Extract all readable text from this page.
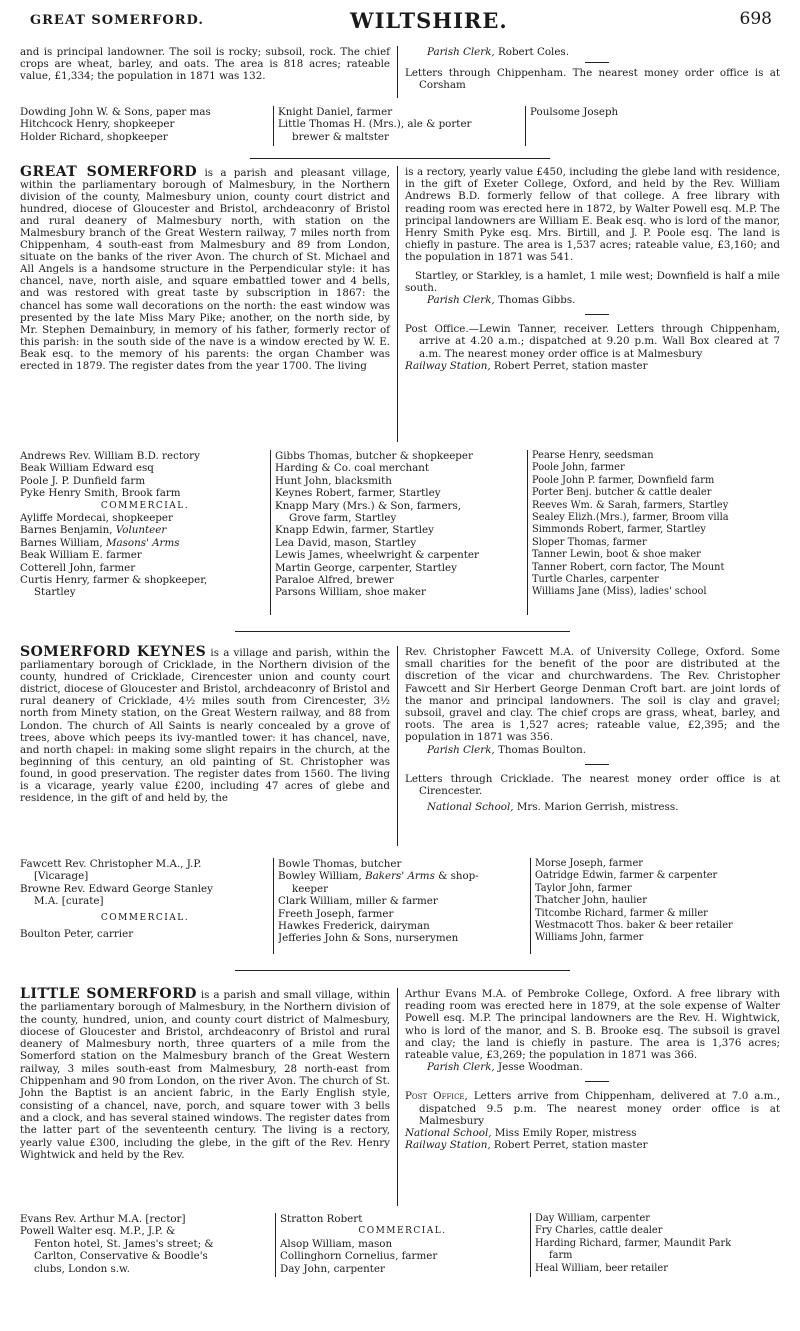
GREAT SOMERFORD.	WILTSHIRE.	698

and is principal landowner. The soil is rocky; subsoil, rock. The chief crops are wheat, barley, and oats. The area is 818 acres; rateable value, £1,334; the population in 1871 was 132.

Parish Clerk, Robert Coles.

Letters through Chippenham. The nearest money order office is at Corsham

Dowding John W. & Sons, paper mas
Hitchcock Henry, shopkeeper
Holder Richard, shopkeeper
Knight Daniel, farmer
Little Thomas H. (Mrs.), ale & porter
brewer & maltster
Poulsome Joseph

GREAT SOMERFORD is a parish and pleasant village, within the parliamentary borough of Malmesbury, in the Northern division of the county, Malmesbury union, county court district and hundred, diocese of Gloucester and Bristol, archdeaconry of Bristol and rural deanery of Malmesbury north, with station on the Malmesbury branch of the Great Western railway, 7 miles north from Chippenham, 4 south-east from Malmesbury and 89 from London, situate on the banks of the river Avon. The church of St. Michael and All Angels is a handsome structure in the Perpendicular style: it has chancel, nave, north aisle, and square embattled tower and 4 bells, and was restored with great taste by subscription in 1867: the chancel has some wall decorations on the north: the east window was presented by the late Miss Mary Pike; another, on the north side, by Mr. Stephen Demainbury, in memory of his father, formerly rector of this parish: in the south side of the nave is a window erected by W. E. Beak esq. to the memory of his parents: the organ Chamber was erected in 1879. The register dates from the year 1700. The living

is a rectory, yearly value £450, including the glebe land with residence, in the gift of Exeter College, Oxford, and held by the Rev. William Andrews B.D. formerly fellow of that college. A free library with reading room was erected here in 1872, by Walter Powell esq. M.P. The principal landowners are William E. Beak esq. who is lord of the manor, Henry Smith Pyke esq. Mrs. Birtill, and J. P. Poole esq. The land is chiefly in pasture. The area is 1,537 acres; rateable value, £3,160; and the population in 1871 was 541.

Startley, or Starkley, is a hamlet, 1 mile west; Downfield is half a mile south.

Parish Clerk, Thomas Gibbs.

Post Office.—Lewin Tanner, receiver. Letters through Chippenham, arrive at 4.20 a.m.; dispatched at 9.20 p.m. Wall Box cleared at 7 a.m. The nearest money order office is at Malmesbury

Railway Station, Robert Perret, station master

Andrews Rev. William B.D. rectory
Beak William Edward esq
Poole J. P. Dunfield farm
Pyke Henry Smith, Brook farm
COMMERCIAL.
Ayliffe Mordecai, shopkeeper
Barnes Benjamin, Volunteer
Barnes William, Masons' Arms
Beak William E. farmer
Cotterell John, farmer
Curtis Henry, farmer & shopkeeper,
Startley
Gibbs Thomas, butcher & shopkeeper
Harding & Co. coal merchant
Hunt John, blacksmith
Keynes Robert, farmer, Startley
Knapp Mary (Mrs.) & Son, farmers,
Grove farm, Startley
Knapp Edwin, farmer, Startley
Lea David, mason, Startley
Lewis James, wheelwright & carpenter
Martin George, carpenter, Startley
Paraloe Alfred, brewer
Parsons William, shoe maker
Pearse Henry, seedsman
Poole John, farmer
Poole John P. farmer, Downfield farm
Porter Benj. butcher & cattle dealer
Reeves Wm. & Sarah, farmers, Startley
Sealey Elizh.(Mrs.), farmer, Broom villa
Simmonds Robert, farmer, Startley
Sloper Thomas, farmer
Tanner Lewin, boot & shoe maker
Tanner Robert, corn factor, The Mount
Turtle Charles, carpenter
Williams Jane (Miss), ladies' school

SOMERFORD KEYNES is a village and parish, within the parliamentary borough of Cricklade, in the Northern division of the county, hundred of Cricklade, Cirencester union and county court district, diocese of Gloucester and Bristol, archdeaconry of Bristol and rural deanery of Cricklade, 4½ miles south from Cirencester, 3½ north from Minety station, on the Great Western railway, and 88 from London. The church of All Saints is nearly concealed by a grove of trees, above which peeps its ivy-mantled tower: it has chancel, nave, and north chapel: in making some slight repairs in the church, at the beginning of this century, an old painting of St. Christopher was found, in good preservation. The register dates from 1560. The living is a vicarage, yearly value £200, including 47 acres of glebe and residence, in the gift of and held by, the

Rev. Christopher Fawcett M.A. of University College, Oxford. Some small charities for the benefit of the poor are distributed at the discretion of the vicar and churchwardens. The Rev. Christopher Fawcett and Sir Herbert George Denman Croft bart. are joint lords of the manor and principal landowners. The soil is clay and gravel; subsoil, gravel and clay. The chief crops are grass, wheat, barley, and roots. The area is 1,527 acres; rateable value, £2,395; and the population in 1871 was 356.

Parish Clerk, Thomas Boulton.

Letters through Cricklade. The nearest money order office is at Cirencester.

National School, Mrs. Marion Gerrish, mistress.

Fawcett Rev. Christopher M.A., J.P.
[Vicarage]
Browne Rev. Edward George Stanley
M.A. [curate]
COMMERCIAL.
Boulton Peter, carrier
Bowle Thomas, butcher
Bowley William, Bakers' Arms & shop-
keeper
Clark William, miller & farmer
Freeth Joseph, farmer
Hawkes Frederick, dairyman
Jefferies John & Sons, nurserymen
Morse Joseph, farmer
Oatridge Edwin, farmer & carpenter
Taylor John, farmer
Thatcher John, haulier
Titcombe Richard, farmer & miller
Westmacott Thos. baker & beer retailer
Williams John, farmer

LITTLE SOMERFORD is a parish and small village, within the parliamentary borough of Malmesbury, in the Northern division of the county, hundred, union, and county court district of Malmesbury, diocese of Gloucester and Bristol, archdeaconry of Bristol and rural deanery of Malmesbury north, three quarters of a mile from the Somerford station on the Malmesbury branch of the Great Western railway, 3 miles south-east from Malmesbury, 28 north-east from Chippenham and 90 from London, on the river Avon. The church of St. John the Baptist is an ancient fabric, in the Early English style, consisting of a chancel, nave, porch, and square tower with 3 bells and a clock, and has several stained windows. The register dates from the latter part of the seventeenth century. The living is a rectory, yearly value £300, including the glebe, in the gift of the Rev. Henry Wightwick and held by the Rev.

Arthur Evans M.A. of Pembroke College, Oxford. A free library with reading room was erected here in 1879, at the sole expense of Walter Powell esq. M.P. The principal landowners are the Rev. H. Wightwick, who is lord of the manor, and S. B. Brooke esq. The subsoil is gravel and clay; the land is chiefly in pasture. The area is 1,376 acres; rateable value, £3,269; the population in 1871 was 366.

Parish Clerk, Jesse Woodman.

Post Office, Letters arrive from Chippenham, delivered at 7.0 a.m., dispatched 9.5 p.m. The nearest money order office is at Malmesbury

National School, Miss Emily Roper, mistress

Railway Station, Robert Perret, station master

Evans Rev. Arthur M.A. [rector]
Powell Walter esq. M.P., J.P. &
Fenton hotel, St. James's street; &
Carlton, Conservative & Boodle's
clubs, London s.w.
Stratton Robert
COMMERCIAL.
Alsop William, mason
Collinghorn Cornelius, farmer
Day John, carpenter
Day William, carpenter
Fry Charles, cattle dealer
Harding Richard, farmer, Maundit Park
farm
Heal William, beer retailer
